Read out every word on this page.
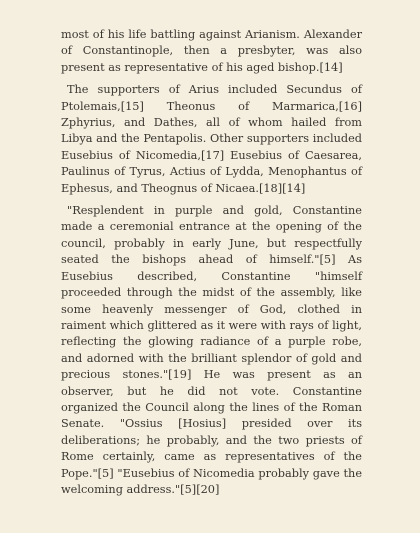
most of his life battling against Arianism. Alexander of Constantinople, then a presbyter, was also present as representative of his aged bishop.[14]

The supporters of Arius included Secundus of Ptolemais,[15] Theonus of Marmarica,[16] Zphyrius, and Dathes, all of whom hailed from Libya and the Pentapolis. Other supporters included Eusebius of Nicomedia,[17] Eusebius of Caesarea, Paulinus of Tyrus, Actius of Lydda, Menophantus of Ephesus, and Theognus of Nicaea.[18][14]

"Resplendent in purple and gold, Constantine made a ceremonial entrance at the opening of the council, probably in early June, but respectfully seated the bishops ahead of himself."[5] As Eusebius described, Constantine "himself proceeded through the midst of the assembly, like some heavenly messenger of God, clothed in raiment which glittered as it were with rays of light, reflecting the glowing radiance of a purple robe, and adorned with the brilliant splendor of gold and precious stones."[19] He was present as an observer, but he did not vote. Constantine organized the Council along the lines of the Roman Senate. "Ossius [Hosius] presided over its deliberations; he probably, and the two priests of Rome certainly, came as representatives of the Pope."[5] "Eusebius of Nicomedia probably gave the welcoming address."[5][20]
